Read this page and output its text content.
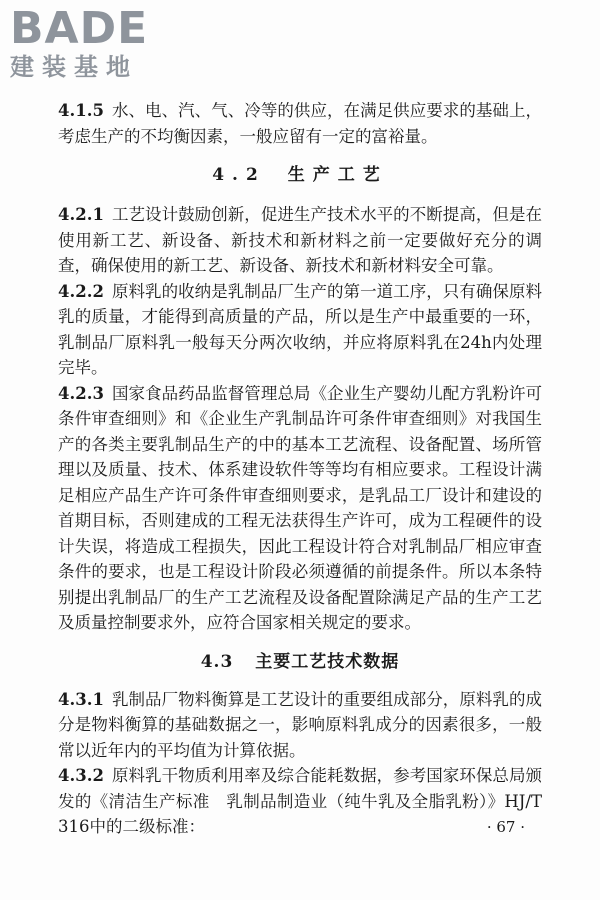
BADE
建装基地

4.1.5 水、电、汽、气、冷等的供应，在满足供应要求的基础上，考虑生产的不均衡因素，一般应留有一定的富裕量。

4.2 生产工艺

4.2.1 工艺设计鼓励创新，促进生产技术水平的不断提高，但是在使用新工艺、新设备、新技术和新材料之前一定要做好充分的调查，确保使用的新工艺、新设备、新技术和新材料安全可靠。

4.2.2 原料乳的收纳是乳制品厂生产的第一道工序，只有确保原料乳的质量，才能得到高质量的产品，所以是生产中最重要的一环，乳制品厂原料乳一般每天分两次收纳，并应将原料乳在24h内处理完毕。

4.2.3 国家食品药品监督管理总局《企业生产婴幼儿配方乳粉许可条件审查细则》和《企业生产乳制品许可条件审查细则》对我国生产的各类主要乳制品生产的中的基本工艺流程、设备配置、场所管理以及质量、技术、体系建设软件等等均有相应要求。工程设计满足相应产品生产许可条件审查细则要求，是乳品工厂设计和建设的首期目标，否则建成的工程无法获得生产许可，成为工程硬件的设计失误，将造成工程损失，因此工程设计符合对乳制品厂相应审查条件的要求，也是工程设计阶段必须遵循的前提条件。所以本条特别提出乳制品厂的生产工艺流程及设备配置除满足产品的生产工艺及质量控制要求外，应符合国家相关规定的要求。

4.3 主要工艺技术数据

4.3.1 乳制品厂物料衡算是工艺设计的重要组成部分，原料乳的成分是物料衡算的基础数据之一，影响原料乳成分的因素很多，一般常以近年内的平均值为计算依据。

4.3.2 原料乳干物质利用率及综合能耗数据，参考国家环保总局颁发的《清洁生产标准　乳制品制造业（纯牛乳及全脂乳粉）》HJ/T 316中的二级标准：	· 67 ·
